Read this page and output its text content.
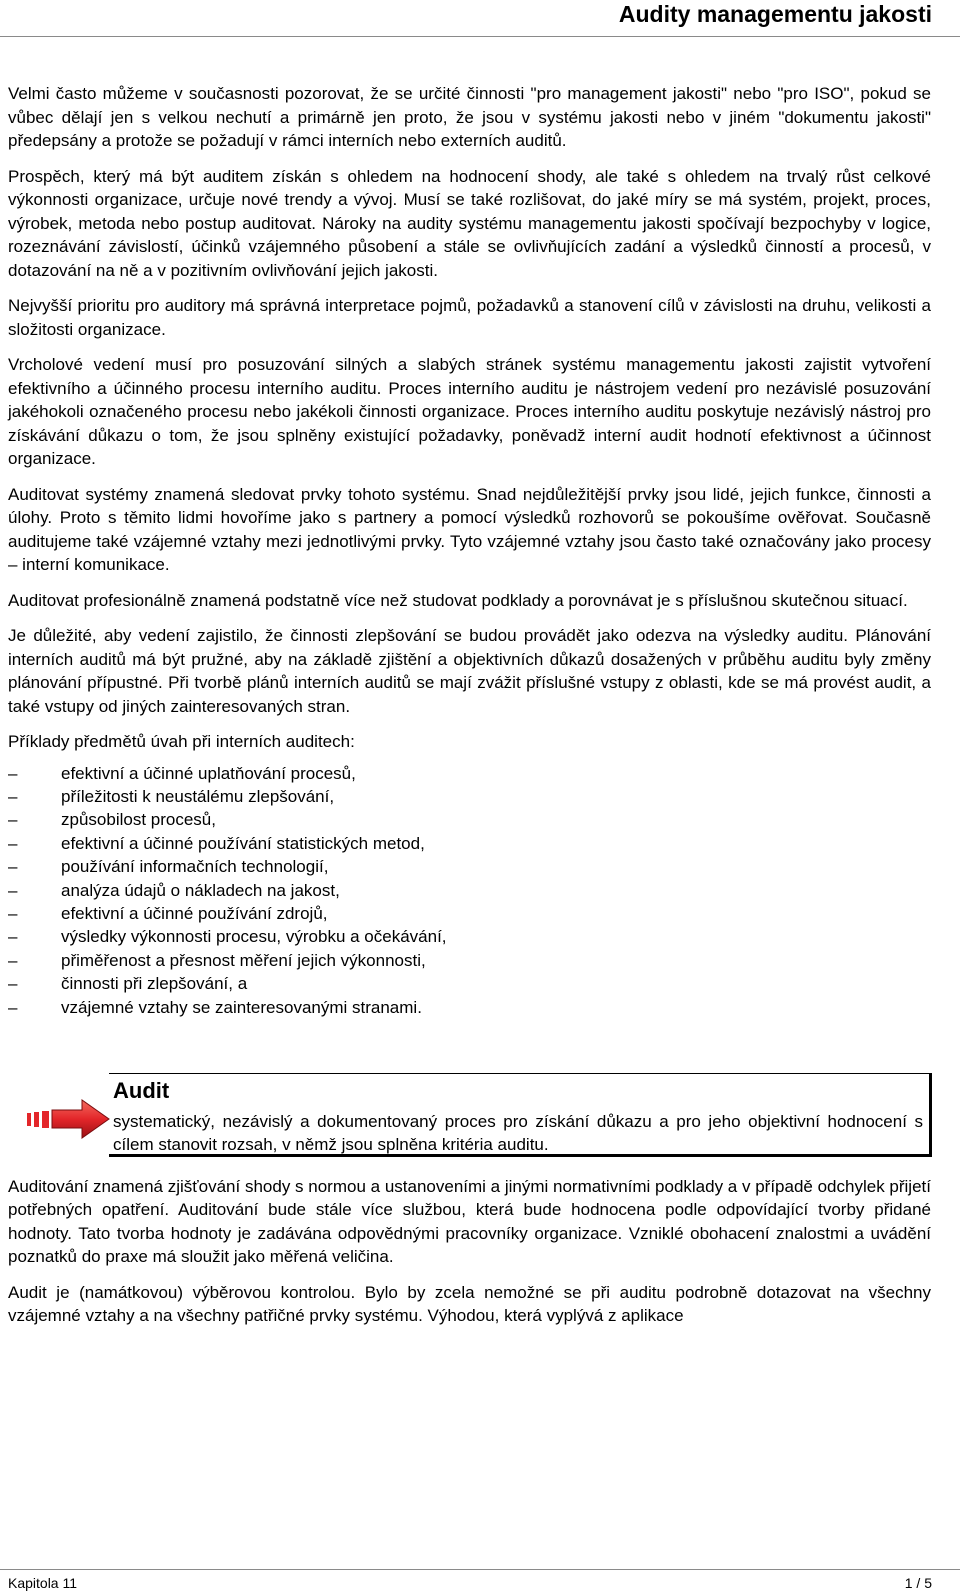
Audity managementu jakosti

Velmi často můžeme v současnosti pozorovat, že se určité činnosti "pro management jakosti" nebo "pro ISO", pokud se vůbec dělají jen s velkou nechutí a primárně jen proto, že jsou v systému jakosti nebo v jiném "dokumentu jakosti" předepsány a protože se požadují v rámci interních nebo externích auditů.

Prospěch, který má být auditem získán s ohledem na hodnocení shody, ale také s ohledem na trvalý růst celkové výkonnosti organizace, určuje nové trendy a vývoj. Musí se také rozlišovat, do jaké míry se má systém, projekt, proces, výrobek, metoda nebo postup auditovat. Nároky na audity systému managementu jakosti spočívají bezpochyby v logice, rozeznávání závislostí, účinků vzájemného působení a stále se ovlivňujících zadání a výsledků činností a procesů, v dotazování na ně a v pozitivním ovlivňování jejich jakosti.

Nejvyšší prioritu pro auditory má správná interpretace pojmů, požadavků a stanovení cílů v závislosti na druhu, velikosti a složitosti organizace.

Vrcholové vedení musí pro posuzování silných a slabých stránek systému managementu jakosti zajistit vytvoření efektivního a účinného procesu interního auditu. Proces interního auditu je nástrojem vedení pro nezávislé posuzování jakéhokoli označeného procesu nebo jakékoli činnosti organizace. Proces interního auditu poskytuje nezávislý nástroj pro získávání důkazu o tom, že jsou splněny existující požadavky, poněvadž interní audit hodnotí efektivnost a účinnost organizace.

Auditovat systémy znamená sledovat prvky tohoto systému. Snad nejdůležitější prvky jsou lidé, jejich funkce, činnosti a úlohy. Proto s těmito lidmi hovoříme jako s partnery a pomocí výsledků rozhovorů se pokoušíme ověřovat. Současně auditujeme také vzájemné vztahy mezi jednotlivými prvky. Tyto vzájemné vztahy jsou často také označovány jako procesy – interní komunikace.

Auditovat profesionálně znamená podstatně více než studovat podklady a porovnávat je s příslušnou skutečnou situací.

Je důležité, aby vedení zajistilo, že činnosti zlepšování se budou provádět jako odezva na výsledky auditu. Plánování interních auditů má být pružné, aby na základě zjištění a objektivních důkazů dosažených v průběhu auditu byly změny plánování přípustné. Při tvorbě plánů interních auditů se mají zvážit příslušné vstupy z oblasti, kde se má provést audit, a také vstupy od jiných zainteresovaných stran.

Příklady předmětů úvah při interních auditech:

–	efektivní a účinné uplatňování procesů,
–	příležitosti k neustálému zlepšování,
–	způsobilost procesů,
–	efektivní a účinné používání statistických metod,
–	používání informačních technologií,
–	analýza údajů o nákladech na jakost,
–	efektivní a účinné používání zdrojů,
–	výsledky výkonnosti procesu, výrobku a očekávání,
–	přiměřenost a přesnost měření jejich výkonnosti,
–	činnosti při zlepšování, a
–	vzájemné vztahy se zainteresovanými stranami.
Audit
systematický, nezávislý a dokumentovaný proces pro získání důkazu a pro jeho objektivní hodnocení s cílem stanovit rozsah, v němž jsou splněna kritéria auditu.

Auditování znamená zjišťování shody s normou a ustanoveními a jinými normativními podklady a v případě odchylek přijetí potřebných opatření. Auditování bude stále více službou, která bude hodnocena podle odpovídající tvorby přidané hodnoty. Tato tvorba hodnoty je zadávána odpovědnými pracovníky organizace. Vzniklé obohacení znalostmi a uvádění poznatků do praxe má sloužit jako měřená veličina.

Audit je (namátkovou) výběrovou kontrolou. Bylo by zcela nemožné se při auditu podrobně dotazovat na všechny vzájemné vztahy a na všechny patřičné prvky systému. Výhodou, která vyplývá z aplikace

Kapitola 11	1 / 5
